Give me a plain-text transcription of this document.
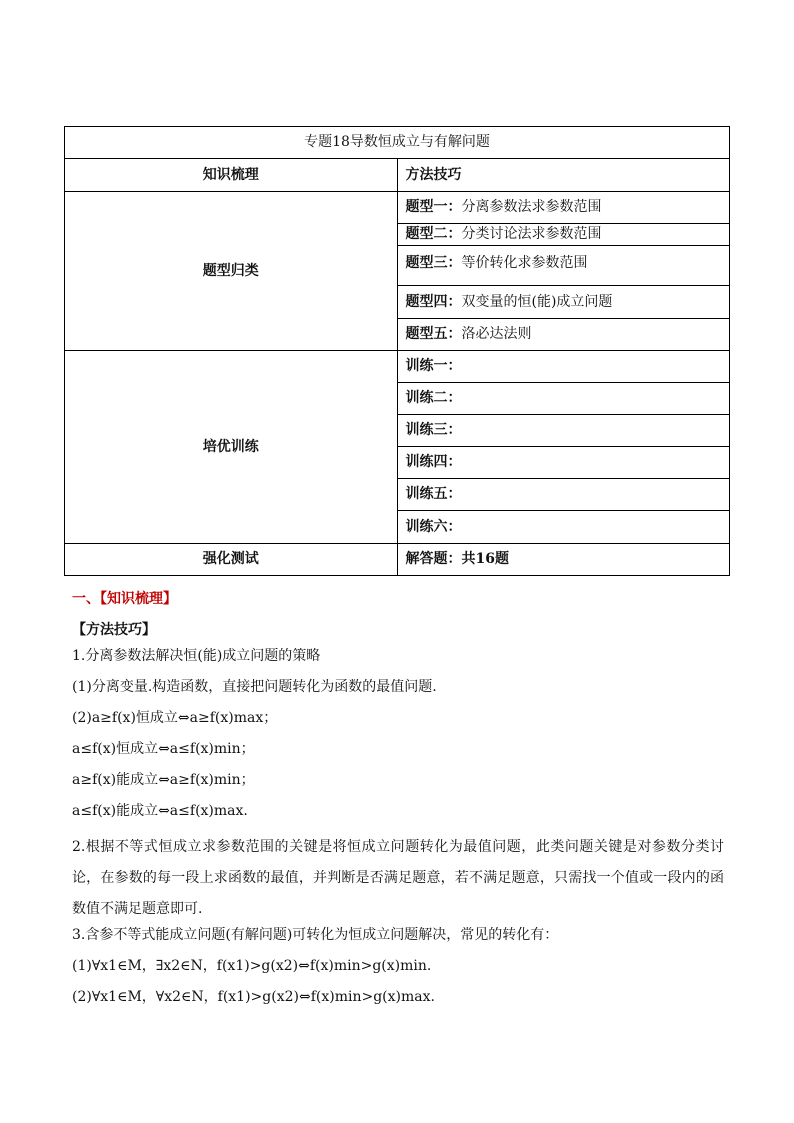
专题18导数恒成立与有解问题	
知识梳理	方法技巧
题型归类	题型一：分离参数法求参数范围
	题型二：分类讨论法求参数范围
	题型三：等价转化求参数范围
	题型四：双变量的恒(能)成立问题
	题型五：洛必达法则
培优训练	训练一：
	训练二：
	训练三：
	训练四：
	训练五：
	训练六：
强化测试	解答题：共16题
一、【知识梳理】
【方法技巧】
1.分离参数法解决恒(能)成立问题的策略
(1)分离变量.构造函数，直接把问题转化为函数的最值问题.
(2)a≥f(x)恒成立⇔a≥f(x)max；
a≤f(x)恒成立⇔a≤f(x)min；
a≥f(x)能成立⇔a≥f(x)min；
a≤f(x)能成立⇔a≤f(x)max.
2.根据不等式恒成立求参数范围的关键是将恒成立问题转化为最值问题，此类问题关键是对参数分类讨论，在参数的每一段上求函数的最值，并判断是否满足题意，若不满足题意，只需找一个值或一段内的函数值不满足题意即可.
3.含参不等式能成立问题(有解问题)可转化为恒成立问题解决，常见的转化有：
(1)∀x1∈M，∃x2∈N，f(x1)>g(x2)⇔f(x)min>g(x)min.
(2)∀x1∈M，∀x2∈N，f(x1)>g(x2)⇔f(x)min>g(x)max.
